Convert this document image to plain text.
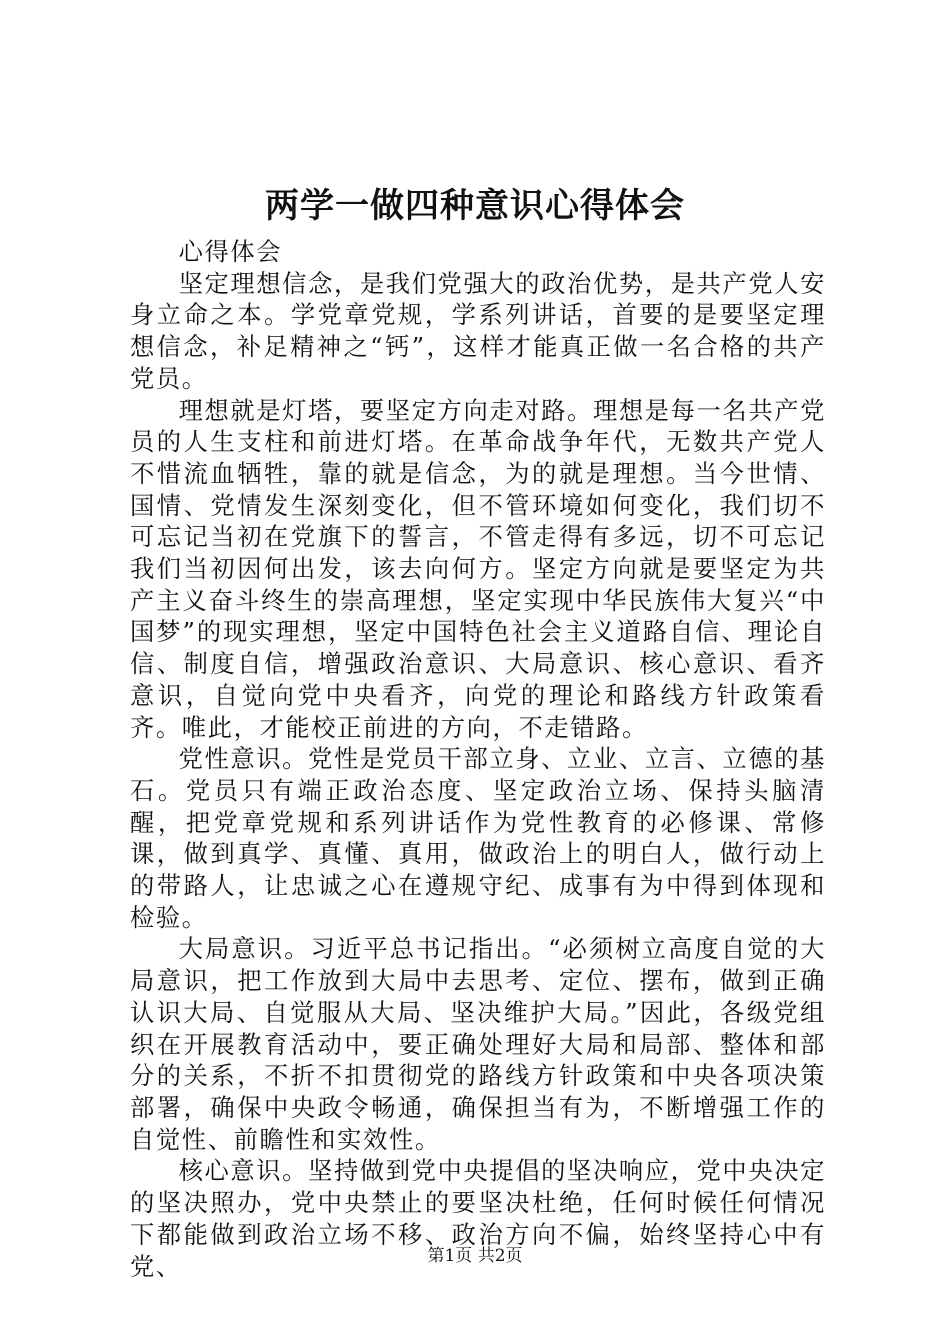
两学一做四种意识心得体会

心得体会

坚定理想信念，是我们党强大的政治优势，是共产党人安身立命之本。学党章党规，学系列讲话，首要的是要坚定理想信念，补足精神之“钙”，这样才能真正做一名合格的共产党员。

理想就是灯塔，要坚定方向走对路。理想是每一名共产党员的人生支柱和前进灯塔。在革命战争年代，无数共产党人不惜流血牺牲，靠的就是信念，为的就是理想。当今世情、国情、党情发生深刻变化，但不管环境如何变化，我们切不可忘记当初在党旗下的誓言，不管走得有多远，切不可忘记我们当初因何出发，该去向何方。坚定方向就是要坚定为共产主义奋斗终生的崇高理想，坚定实现中华民族伟大复兴“中国梦”的现实理想，坚定中国特色社会主义道路自信、理论自信、制度自信，增强政治意识、大局意识、核心意识、看齐意识，自觉向党中央看齐，向党的理论和路线方针政策看齐。唯此，才能校正前进的方向，不走错路。

党性意识。党性是党员干部立身、立业、立言、立德的基石。党员只有端正政治态度、坚定政治立场、保持头脑清醒，把党章党规和系列讲话作为党性教育的必修课、常修课，做到真学、真懂、真用，做政治上的明白人，做行动上的带路人，让忠诚之心在遵规守纪、成事有为中得到体现和检验。

大局意识。习近平总书记指出。“必须树立高度自觉的大局意识，把工作放到大局中去思考、定位、摆布，做到正确认识大局、自觉服从大局、坚决维护大局。”因此，各级党组织在开展教育活动中，要正确处理好大局和局部、整体和部分的关系，不折不扣贯彻党的路线方针政策和中央各项决策部署，确保中央政令畅通，确保担当有为，不断增强工作的自觉性、前瞻性和实效性。

核心意识。坚持做到党中央提倡的坚决响应，党中央决定的坚决照办，党中央禁止的要坚决杜绝，任何时候任何情况下都能做到政治立场不移、政治方向不偏，始终坚持心中有党、	第1页 共2页
